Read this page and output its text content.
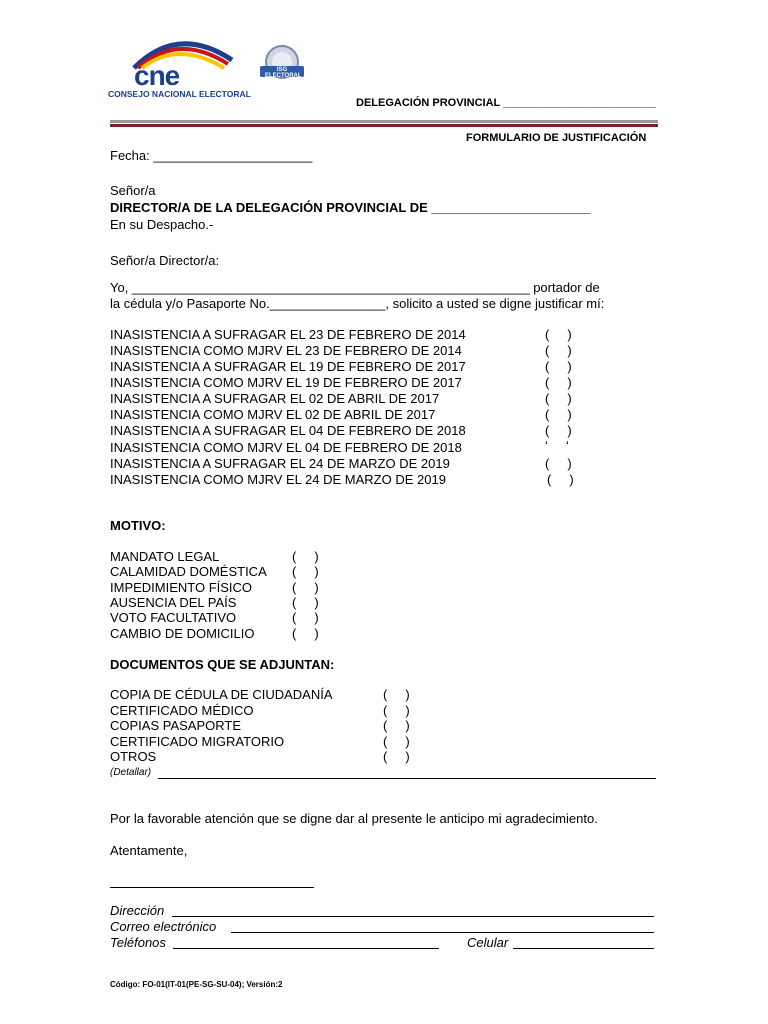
cne
CONSEJO NACIONAL ELECTORAL
ISG ELECTORAL
DELEGACIÓN PROVINCIAL _________________________
FORMULARIO DE JUSTIFICACIÓN
Fecha: ______________________
Señor/a
DIRECTOR/A DE LA DELEGACIÓN PROVINCIAL DE ______________________
En su Despacho.-
Señor/a Director/a:
Yo, _______________________________________________________ portador de
la cédula y/o Pasaporte No.________________, solicito a usted se digne justificar mí:
INASISTENCIA A SUFRAGAR EL 23 DE FEBRERO DE 2014	(     )
INASISTENCIA COMO MJRV EL 23 DE FEBRERO DE 2014	(     )
INASISTENCIA A SUFRAGAR EL 19 DE FEBRERO DE 2017	(     )
INASISTENCIA COMO MJRV EL 19 DE FEBRERO DE 2017	(     )
INASISTENCIA A SUFRAGAR EL 02 DE ABRIL DE 2017	(     )
INASISTENCIA COMO MJRV EL 02 DE ABRIL DE 2017	(     )
INASISTENCIA A SUFRAGAR EL 04 DE FEBRERO DE 2018	(     )
INASISTENCIA COMO MJRV EL 04 DE FEBRERO DE 2018	‘     ‘
INASISTENCIA A SUFRAGAR EL 24 DE MARZO DE 2019	(     )
INASISTENCIA COMO MJRV EL 24 DE MARZO DE 2019	(     )
MOTIVO:
MANDATO LEGAL	(     )
CALAMIDAD DOMÉSTICA (     )
IMPEDIMIENTO FÍSICO	(     )
AUSENCIA DEL PAÍS	(     )
VOTO FACULTATIVO	(     )
CAMBIO DE DOMICILIO	(     )
DOCUMENTOS QUE SE ADJUNTAN:
COPIA DE CÉDULA DE CIUDADANÍA	(     )
CERTIFICADO MÉDICO	(     )
COPIAS PASAPORTE	(     )
CERTIFICADO MIGRATORIO	(     )
OTROS	(     )
(Detallar)
Por la favorable atención que se digne dar al presente le anticipo mi agradecimiento.
Atentamente,
Dirección
Correo electrónico
Teléfonos	Celular
Código: FO-01(IT-01(PE-SG-SU-04); Versión:2
